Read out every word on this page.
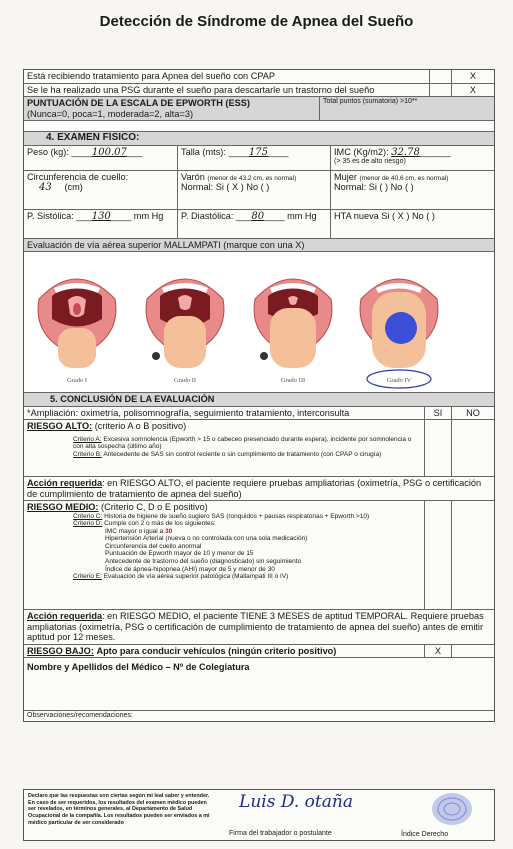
Detección de Síndrome de Apnea del Sueño
Está recibiendo tratamiento para Apnea del sueño con CPAP	X
Se le ha realizado una PSG durante el sueño para descartarle un trastorno del sueño	X
PUNTUACIÓN DE LA ESCALA DE EPWORTH (ESS)
(Nunca=0, poca=1, moderada=2, alta=3)
Total puntos (sumatoria) >10**
4. EXAMEN FÍSICO:
Peso (kg): ____100.07___	Talla (mts): ____175____	IMC (Kg/m2): 32.78______
(> 35 es de alto riesgo)
Circunferencia de cuello:
43 (cm)
Varón (menor de 43.2 cm, es normal)
Normal: Si ( X ) No ( )
Mujer (menor de 40.6 cm, es normal)
Normal: Si ( ) No ( )
P. Sistólica: ___130____ mm Hg	P. Diastólica: ___80____ mm Hg	HTA nueva Si ( X ) No ( )
Evaluación de vía aérea superior MALLAMPATI (marque con una X)
Grado I	Grado II	Grado III	Grado IV
5. CONCLUSIÓN DE LA EVALUACIÓN
*Ampliación: oximetría, polisomnografía, seguimiento tratamiento, interconsulta	SI	NO
RIESGO ALTO: (criterio A o B positivo)
Criterio A: Excesiva somnolencia (Epworth > 15 o cabeceo presenciado durante espera), incidente por somnolencia o con alta sospecha (último año)
Criterio B: Antecedente de SAS sin control reciente o sin cumplimiento de tratamiento (con CPAP o cirugía)
Acción requerida: en RIESGO ALTO, el paciente requiere pruebas ampliatorias (oximetría, PSG o certificación de cumplimiento de tratamiento de apnea del sueño)
RIESGO MEDIO: (Criterio C, D o E positivo)
Criterio C: Historia de higiene de sueño sugiero SAS (ronquidos + pausas respiratorias + Epworth >10)
Criterio D: Cumple con 2 o más de los siguientes:
IMC mayor o igual a 30
Hipertensión Arterial (nueva o no controlada con una sola medicación)
Circunferencia del cuello anormal
Puntuación de Epworth mayor de 10 y menor de 15
Antecedente de trastorno del sueño (diagnosticado) sin seguimiento
Índice de ápnea-hipopnea (AHI) mayor de 5 y menor de 30
Criterio E: Evaluación de vía aérea superior patológica (Mallampati III ó IV)
Acción requerida: en RIESGO MEDIO, el paciente TIENE 3 MESES de aptitud TEMPORAL. Requiere pruebas ampliatorias (oximetría, PSG o certificación de cumplimiento de tratamiento de apnea del sueño) antes de emitir aptitud por 12 meses.
RIESGO BAJO: Apto para conducir vehículos (ningún criterio positivo)	X
Nombre y Apellidos del Médico – Nº de Colegiatura
Observaciones/recomendaciones:
Declaro que las respuestas son ciertas según mi leal saber y entender. En caso de ser requeridos, los resultados del examen médico pueden ser revelados, en términos generales, al Departamento de Salud Ocupacional de la compañía. Los resultados pueden ser enviados a mi médico particular de ser considerado
Luis D. otaña
Firma del trabajador o postulante	Índice Derecho
